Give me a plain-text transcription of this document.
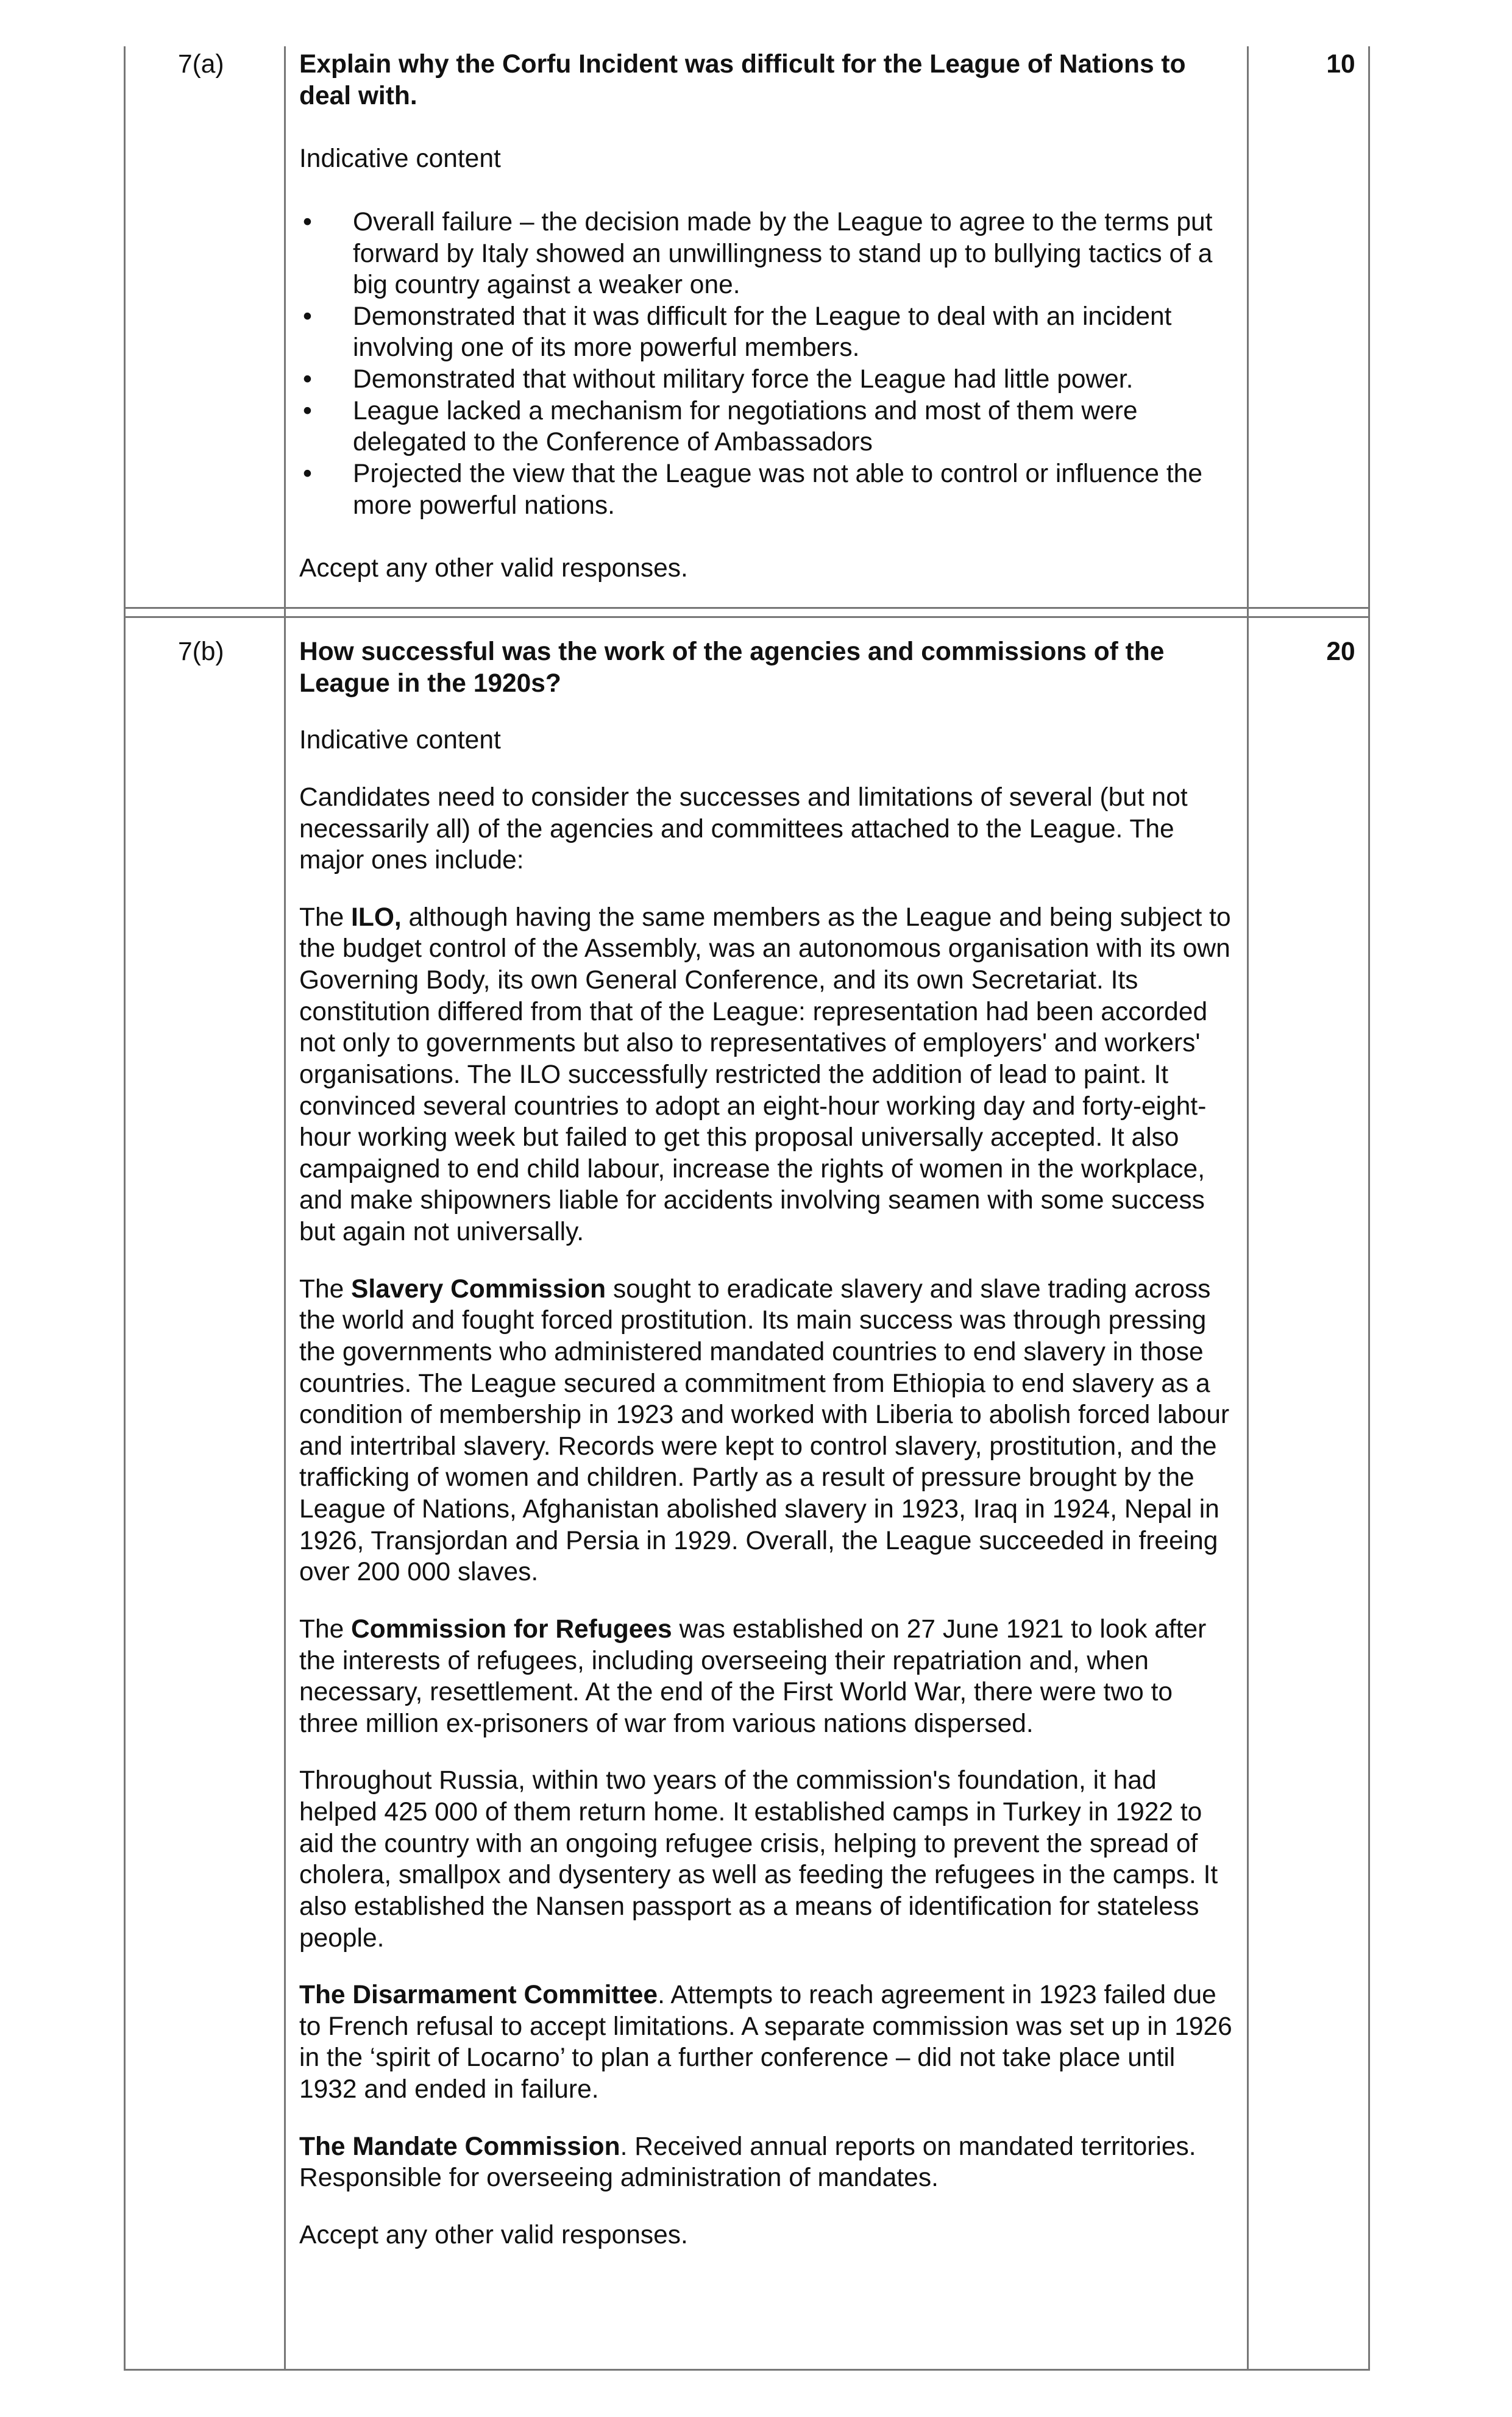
7(a)	10

Explain why the Corfu Incident was difficult for the League of Nations to deal with.

Indicative content

• Overall failure – the decision made by the League to agree to the terms put forward by Italy showed an unwillingness to stand up to bullying tactics of a big country against a weaker one.
• Demonstrated that it was difficult for the League to deal with an incident involving one of its more powerful members.
• Demonstrated that without military force the League had little power.
• League lacked a mechanism for negotiations and most of them were delegated to the Conference of Ambassadors
• Projected the view that the League was not able to control or influence the more powerful nations.

Accept any other valid responses.

7(b)	20

How successful was the work of the agencies and commissions of the League in the 1920s?

Indicative content

Candidates need to consider the successes and limitations of several (but not necessarily all) of the agencies and committees attached to the League. The major ones include:

The ILO, although having the same members as the League and being subject to the budget control of the Assembly, was an autonomous organisation with its own Governing Body, its own General Conference, and its own Secretariat. Its constitution differed from that of the League: representation had been accorded not only to governments but also to representatives of employers' and workers' organisations. The ILO successfully restricted the addition of lead to paint. It convinced several countries to adopt an eight-hour working day and forty-eight-hour working week but failed to get this proposal universally accepted. It also campaigned to end child labour, increase the rights of women in the workplace, and make shipowners liable for accidents involving seamen with some success but again not universally.

The Slavery Commission sought to eradicate slavery and slave trading across the world and fought forced prostitution. Its main success was through pressing the governments who administered mandated countries to end slavery in those countries. The League secured a commitment from Ethiopia to end slavery as a condition of membership in 1923 and worked with Liberia to abolish forced labour and intertribal slavery. Records were kept to control slavery, prostitution, and the trafficking of women and children. Partly as a result of pressure brought by the League of Nations, Afghanistan abolished slavery in 1923, Iraq in 1924, Nepal in 1926, Transjordan and Persia in 1929. Overall, the League succeeded in freeing over 200 000 slaves.

The Commission for Refugees was established on 27 June 1921 to look after the interests of refugees, including overseeing their repatriation and, when necessary, resettlement. At the end of the First World War, there were two to three million ex-prisoners of war from various nations dispersed.

Throughout Russia, within two years of the commission's foundation, it had helped 425 000 of them return home. It established camps in Turkey in 1922 to aid the country with an ongoing refugee crisis, helping to prevent the spread of cholera, smallpox and dysentery as well as feeding the refugees in the camps. It also established the Nansen passport as a means of identification for stateless people.

The Disarmament Committee. Attempts to reach agreement in 1923 failed due to French refusal to accept limitations. A separate commission was set up in 1926 in the ‘spirit of Locarno’ to plan a further conference – did not take place until 1932 and ended in failure.

The Mandate Commission. Received annual reports on mandated territories. Responsible for overseeing administration of mandates.

Accept any other valid responses.
